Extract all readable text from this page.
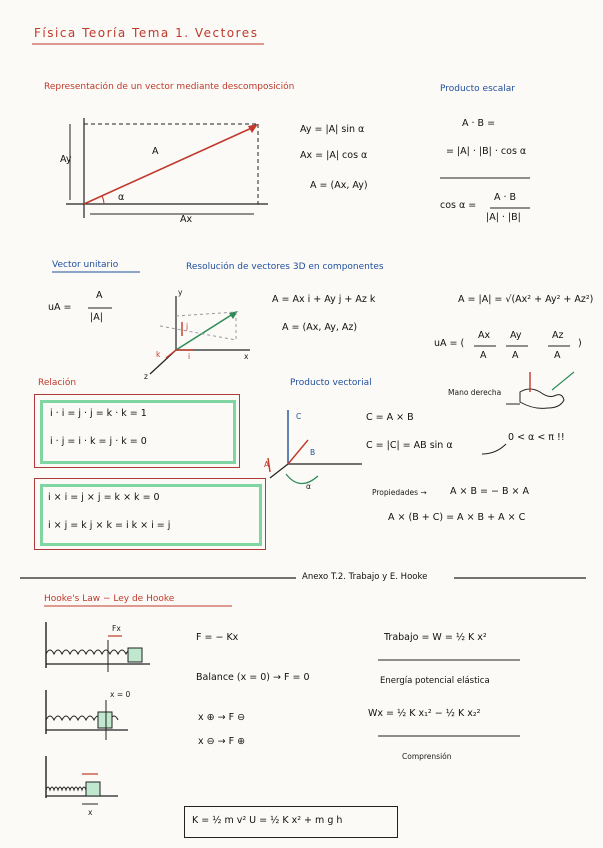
Física Teoría Tema 1. Vectores
Representación de un vector mediante descomposición
Ay
Ax
A
α
Ay = |A| sin α
Ax = |A| cos α
A = (Ax, Ay)
Producto escalar
A · B =
= |A| · |B| · cos α
cos α =
A · B
|A| · |B|
Vector unitario
uA =
A
|A|
Resolución de vectores 3D en componentes
y
x
z
j
i
k
A = Ax i + Ay j + Az k
A = (Ax, Ay, Az)
A = |A| = √(Ax² + Ay² + Az²)
uA = (
Ax
A
Ay
A
Az
A
)
Relación
i · i = j · j = k · k = 1
i · j = i · k = j · k = 0
i × i = j × j = k × k = 0
i × j = k j × k = i k × i = j
Producto vectorial
Mano derecha
C
A
B
α
C = A × B
C = |C| = AB sin α
0 < α < π !!
Propiedades → A × B = − B × A
A × (B + C) = A × B + A × C
Anexo T.2. Trabajo y E. Hooke
Hooke's Law − Ley de Hooke
Fx
x = 0
x
F = − Kx
Balance (x = 0) → F = 0
x ⊕ → F ⊖
x ⊖ → F ⊕
Trabajo = W = ½ K x²
Energía potencial elástica
Wx = ½ K x₁² − ½ K x₂²
Comprensión
K = ½ m v² U = ½ K x² + m g h
